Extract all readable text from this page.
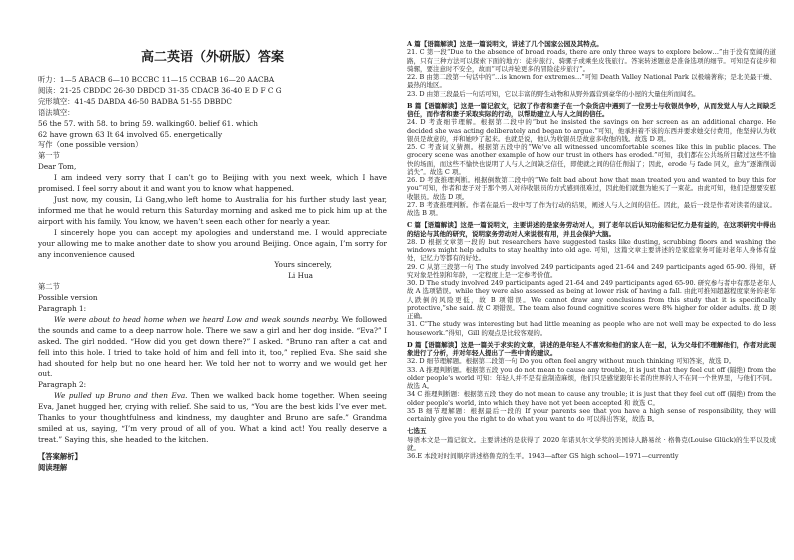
高二英语（外研版）答案
听力：1—5 ABACB 6—10 BCCBC 11—15 CCBAB 16—20 AACBA
阅读：21-25 CBDDC 26-30 DBDCD 31-35 CDACB 36-40 E D F C G
完形填空：41-45 DABDA 46-50 BADBA 51-55 DBBDC
语法填空：
56 the 57. with 58. to bring 59. walking60. belief 61. which
62 have grown 63 It 64 involved 65. energetically
写作（one possible version）
第一节
Dear Tom,

I am indeed very sorry that I can’t go to Beijing with you next week, which I have promised. I feel sorry about it and want you to know what happened.

Just now, my cousin, Li Gang,who left home to Australia for his further study last year, informed me that he would return this Saturday morning and asked me to pick him up at the airport with his family. You know, we haven’t seen each other for nearly a year.

I sincerely hope you can accept my apologies and understand me. I would appreciate your allowing me to make another date to show you around Beijing. Once again, I’m sorry for any inconvenience caused

Yours sincerely,
Li Hua
第二节
Possible version
Paragraph 1:

We were about to head home when we heard Low and weak sounds nearby. We followed the sounds and came to a deep narrow hole. There we saw a girl and her dog inside. “Eva?” I asked. The girl nodded. “How did you get down there?” I asked. “Bruno ran after a cat and fell into this hole. I tried to take hold of him and fell into it, too,” replied Eva. She said she had shouted for help but no one heard her. We told her not to worry and we would get her out.

Paragraph 2:

We pulled up Bruno and then Eva. Then we walked back home together. When seeing Eva, Janet hugged her, crying with relief. She said to us, “You are the best kids I’ve ever met. Thanks to your thoughtfulness and kindness, my daughter and Bruno are safe.” Grandma smiled at us, saying, “I’m very proud of all of you. What a kind act! You really deserve a treat.” Saying this, she headed to the kitchen.

【答案解析】
阅读理解

A 篇【语篇解读】这是一篇说明文，讲述了几个国家公园及其特点。

21. C 第一段“Due to the absence of broad roads, there are only three ways to explore below…”由于没有宽阔的道路，只有三种方法可以探索下面的地方：徒步旅行、骑骡子或乘坐皮筏旅行。答案转述题意是准备选项的细节。可知是有徒步和骑骡，要注意时不安全，故而“可以并轮更多的冒险徒步旅行”。

22. B 由第二段第一句话中的“…is known for extremes…”可知 Death Valley National Park 以极端著称；是北美最干燥、最热的地区。

23. D 由第三段最后一句话可知，它以丰富的野生动物和从野外露营到豪华的小屋的大量住所而闻名。

B 篇【语篇解读】这是一篇记叙文，记叙了作者和妻子在一个杂货店中遇到了一位男士与收银员争吵，从而发觉人与人之间缺乏信任，而作者和妻子采取实际的行动，以帮助建立人与人之间的信任。

24. D 考查细节理解。根据第二段中的“but he insisted the savings on her screen as an additional charge. He decided she was acting deliberately and began to argue.”可知，他承担着不该的东西并要求她交付费用，他坚持认为收银员是故意的，并和她吵了起来。也就是说，他认为收银员是故意多收他的钱。故选 D 项。

25. C 考查词义猜测。根据第五段中的“We’ve all witnessed uncomfortable scenes like this in public places. The grocery scene was another example of how our trust in others has eroded.”可知，我们都在公共场所目睹过这些不愉快的场面，而这些不愉快也说明了人与人之间缺乏信任，即使就之间的信任削弱了；因此，erode 与 fade 同义，意为“逐渐削弱消失”。故选 C 项。

26. D 考查推理判断。根据倒数第二段中的“We felt bad about how that man treated you and wanted to buy this for you”可知，作者和妻子对于那个男人对待收银员的方式感到很难过，因此他们就想为她买了一束花。由此可知，他们是想要安慰收银员。故选 D 项。

27. B 考查推理判断。作者在最后一段中写了作为行动的结果，阐述人与人之间的信任。因此，最后一段是作者对读者的建议。故选 B 项。

C 篇【语篇解读】这是一篇说明文，主要讲述的是家务劳动对人，到了老年以后认知功能和记忆力是有益的，在这项研究中得出的结论与其他的研究，说明家务劳动对人来说很有用，并且会保护大脑。

28. D 根据文章第一段的 but researchers have suggested tasks like dusting, scrubbing floors and washing the windows might help adults to stay healthy into old age. 可知，这篇文章主要讲述的是家庭家务可能对老年人身体有益处，记忆力等都有的好处。

29. C 从第三段第一句 The study involved 249 participants aged 21-64 and 249 participants aged 65-90. 得知，研究对象是性别和年龄，一定程度上是一定参考价值。

30. D The study involved 249 participants aged 21-64 and 249 participants aged 65-90. 研究参与者中有那是老年人故 A 选项错误。while they were also assessed as being at lower risk of having a fall. 由此可推知超越程度家务的老年人跌倒的风险更低，故 B 项错误。We cannot draw any conclusions from this study that it is specifically protective,”she said. 故 C 项错误。The team also found cognitive scores were 8% higher for older adults. 故 D 项正确。

31. C“The study was interesting but had little meaning as people who are not well may be expected to do less housework.”得知，Gill 的观点是比较客观的。

D 篇【语篇解读】这是一篇关于求实的文章，讲述的是年轻人不喜欢和他们的家人在一起，认为父母们不理解他们，作者对此现象进行了分析，并对年轻人提出了一些中肯的建议。

32. D 细节理解题。根据第二段第一句 Do you often feel angry without much thinking 可知答案，故选 D。

33. A 推理判断题。根据第五段 you do not mean to cause any trouble, it is just that they feel cut off (隔绝) from the older people's world 可知：年轻人并不是有意制造麻烦，他们只是感觉跟年长者的世界的人不在同一个世界里，与他们不同。故选 A。

34 C 推理判断题：根据第五段 they do not mean to cause any trouble; it is just that they feel cut off (隔绝) from the older people's world, into which they have not yet been accepted 和 故选 C。

35 B 细节理解题：根据最后一段的 If your parents see that you have a high sense of responsibility, they will certainly give you the right to do what you want to do 可以得出答案，故选 B。

七选五

导语本文是一篇记叙文。主要讲述的是获得了 2020 年诺贝尔文学奖的美国诗人路易丝 · 格鲁克(Louise Glück)的生平以及成就。

36.E 本段对时间顺序讲述格鲁克的生平。1943—after GS high school—1971—currently
